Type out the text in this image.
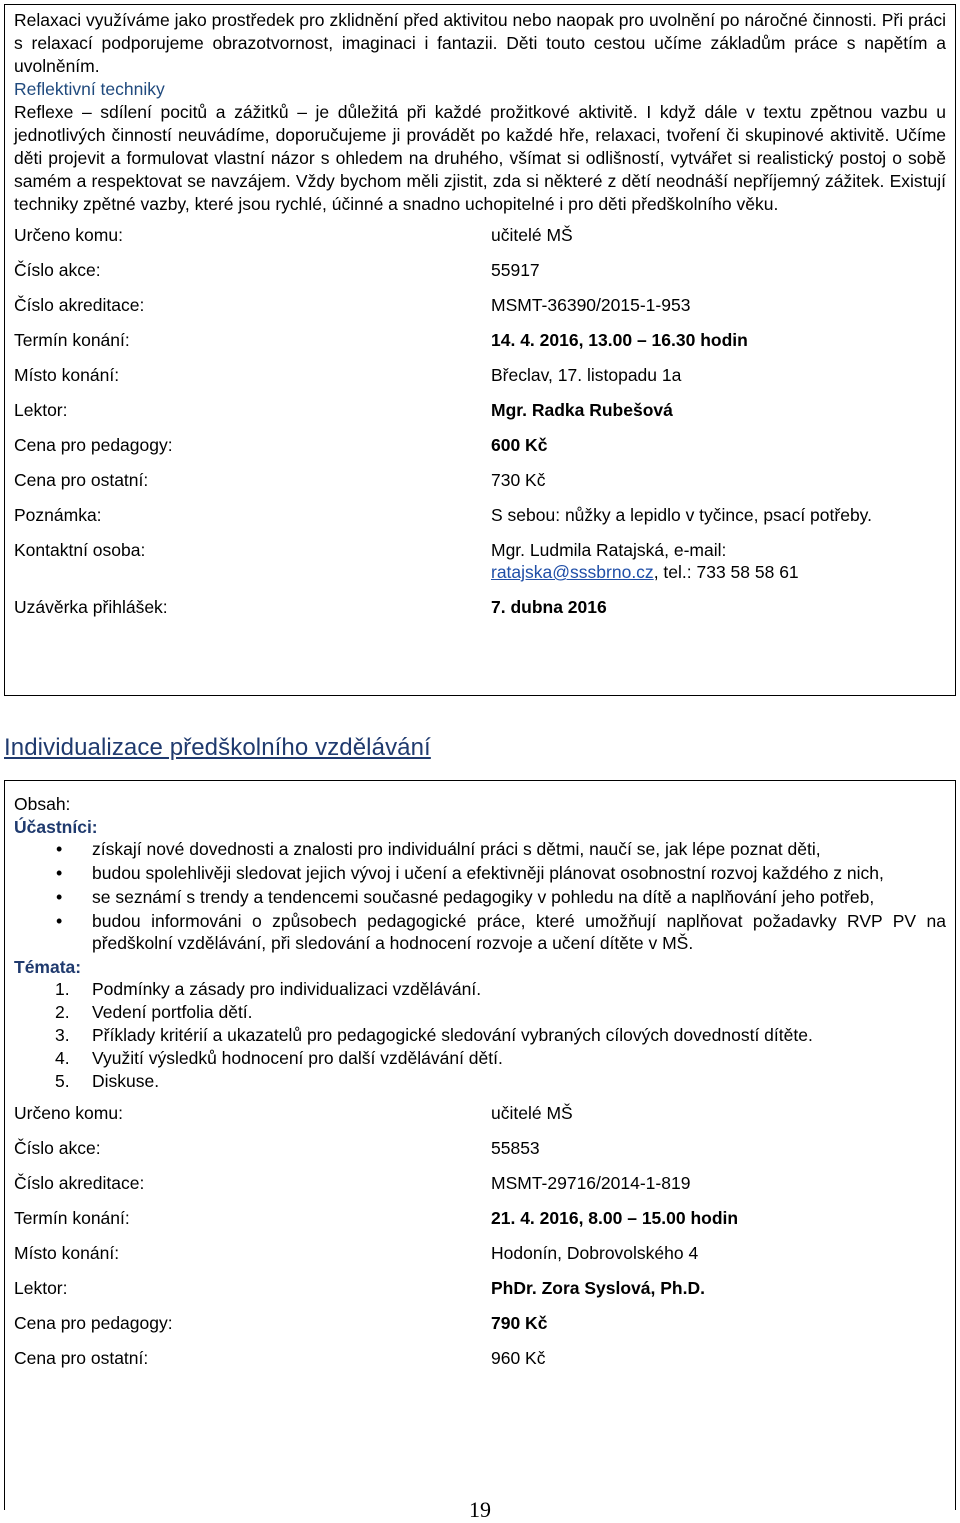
Relaxaci využíváme jako prostředek pro zklidnění před aktivitou nebo naopak pro uvolnění po náročné činnosti. Při práci s relaxací podporujeme obrazotvornost, imaginaci i fantazii. Děti touto cestou učíme základům práce s napětím a uvolněním.

Reflektivní techniky

Reflexe – sdílení pocitů a zážitků – je důležitá při každé prožitkové aktivitě. I když dále v textu zpětnou vazbu u jednotlivých činností neuvádíme, doporučujeme ji provádět po každé hře, relaxaci, tvoření či skupinové aktivitě. Učíme děti projevit a formulovat vlastní názor s ohledem na druhého, všímat si odlišností, vytvářet si realistický postoj o sobě samém a respektovat se navzájem. Vždy bychom měli zjistit, zda si některé z dětí neodnáší nepříjemný zážitek. Existují techniky zpětné vazby, které jsou rychlé, účinné a snadno uchopitelné i pro děti předškolního věku.

Určeno komu:	učitelé MŠ
Číslo akce:	55917
Číslo akreditace:	MSMT-36390/2015-1-953
Termín konání:	14. 4. 2016, 13.00 – 16.30 hodin
Místo konání:	Břeclav, 17. listopadu 1a
Lektor:	Mgr. Radka Rubešová
Cena pro pedagogy:	600 Kč
Cena pro ostatní:	730 Kč
Poznámka:	S sebou: nůžky a lepidlo v tyčince, psací potřeby.
Kontaktní osoba:	Mgr. Ludmila Ratajská, e-mail:
ratajska@sssbrno.cz, tel.: 733 58 58 61
Uzávěrka přihlášek:	7. dubna 2016
Individualizace předškolního vzdělávání

Obsah:

Účastníci:

• získají nové dovednosti a znalosti pro individuální práci s dětmi, naučí se, jak lépe poznat děti,
• budou spolehlivěji sledovat jejich vývoj i učení a efektivněji plánovat osobnostní rozvoj každého z nich,
• se seznámí s trendy a tendencemi současné pedagogiky v pohledu na dítě a naplňování jeho potřeb,
• budou informováni o způsobech pedagogické práce, které umožňují naplňovat požadavky RVP PV na předškolní vzdělávání, při sledování a hodnocení rozvoje a učení dítěte v MŠ.

Témata:

1. Podmínky a zásady pro individualizaci vzdělávání.
2. Vedení portfolia dětí.
3. Příklady kritérií a ukazatelů pro pedagogické sledování vybraných cílových dovedností dítěte.
4. Využití výsledků hodnocení pro další vzdělávání dětí.
5. Diskuse.
Určeno komu:	učitelé MŠ
Číslo akce:	55853
Číslo akreditace:	MSMT-29716/2014-1-819
Termín konání:	21. 4. 2016, 8.00 – 15.00 hodin
Místo konání:	Hodonín, Dobrovolského 4
Lektor:	PhDr. Zora Syslová, Ph.D.
Cena pro pedagogy:	790 Kč
Cena pro ostatní:	960 Kč
19
